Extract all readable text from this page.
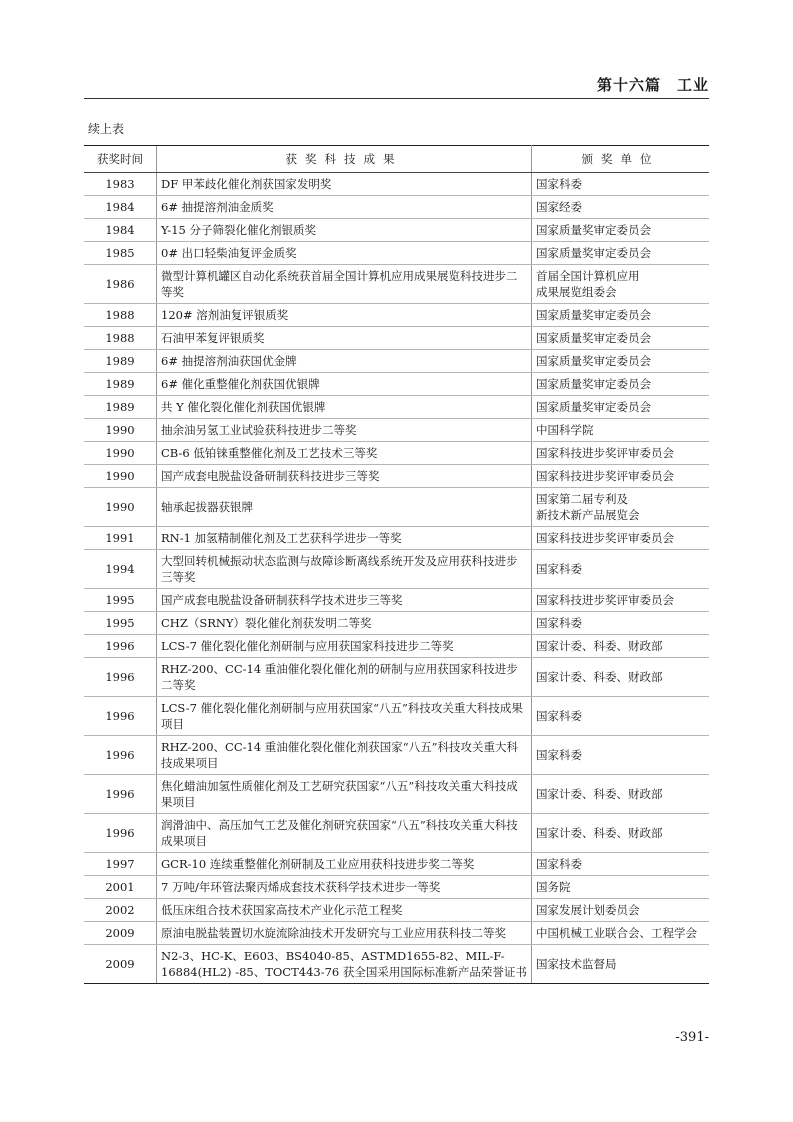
第十六篇　工业
续上表
获奖时间	获奖科技成果	颁奖单位
1983	DF 甲苯歧化催化剂获国家发明奖	国家科委
1984	6# 抽提溶剂油金质奖	国家经委
1984	Y-15 分子筛裂化催化剂银质奖	国家质量奖审定委员会
1985	0# 出口轻柴油复评金质奖	国家质量奖审定委员会
1986	微型计算机罐区自动化系统获首届全国计算机应用成果展览科技进步二等奖	首届全国计算机应用
成果展览组委会
1988	120# 溶剂油复评银质奖	国家质量奖审定委员会
1988	石油甲苯复评银质奖	国家质量奖审定委员会
1989	6# 抽提溶剂油获国优金牌	国家质量奖审定委员会
1989	6# 催化重整催化剂获国优银牌	国家质量奖审定委员会
1989	共 Y 催化裂化催化剂获国优银牌	国家质量奖审定委员会
1990	抽余油另氢工业试验获科技进步二等奖	中国科学院
1990	CB-6 低铂铼重整催化剂及工艺技术三等奖	国家科技进步奖评审委员会
1990	国产成套电脱盐设备研制获科技进步三等奖	国家科技进步奖评审委员会
1990	轴承起拔器获银牌	国家第二届专利及
新技术新产品展览会
1991	RN-1 加氢精制催化剂及工艺获科学进步一等奖	国家科技进步奖评审委员会
1994	大型回转机械振动状态监测与故障诊断离线系统开发及应用获科技进步三等奖	国家科委
1995	国产成套电脱盐设备研制获科学技术进步三等奖	国家科技进步奖评审委员会
1995	CHZ（SRNY）裂化催化剂获发明二等奖	国家科委
1996	LCS-7 催化裂化催化剂研制与应用获国家科技进步二等奖	国家计委、科委、财政部
1996	RHZ-200、CC-14 重油催化裂化催化剂的研制与应用获国家科技进步二等奖	国家计委、科委、财政部
1996	LCS-7 催化裂化催化剂研制与应用获国家“八五”科技攻关重大科技成果项目	国家科委
1996	RHZ-200、CC-14 重油催化裂化催化剂获国家“八五”科技攻关重大科技成果项目	国家科委
1996	焦化蜡油加氢性质催化剂及工艺研究获国家“八五”科技攻关重大科技成果项目	国家计委、科委、财政部
1996	润滑油中、高压加气工艺及催化剂研究获国家“八五”科技攻关重大科技成果项目	国家计委、科委、财政部
1997	GCR-10 连续重整催化剂研制及工业应用获科技进步奖二等奖	国家科委
2001	7 万吨/年环管法聚丙烯成套技术获科学技术进步一等奖	国务院
2002	低压床组合技术获国家高技术产业化示范工程奖	国家发展计划委员会
2009	原油电脱盐装置切水旋流除油技术开发研究与工业应用获科技二等奖	中国机械工业联合会、工程学会
2009	N2-3、HC-K、E603、BS4040-85、ASTMD1655-82、MIL-F-16884(HL2) -85、TOCT443-76 获全国采用国际标准新产品荣誉证书	国家技术监督局
-391-
